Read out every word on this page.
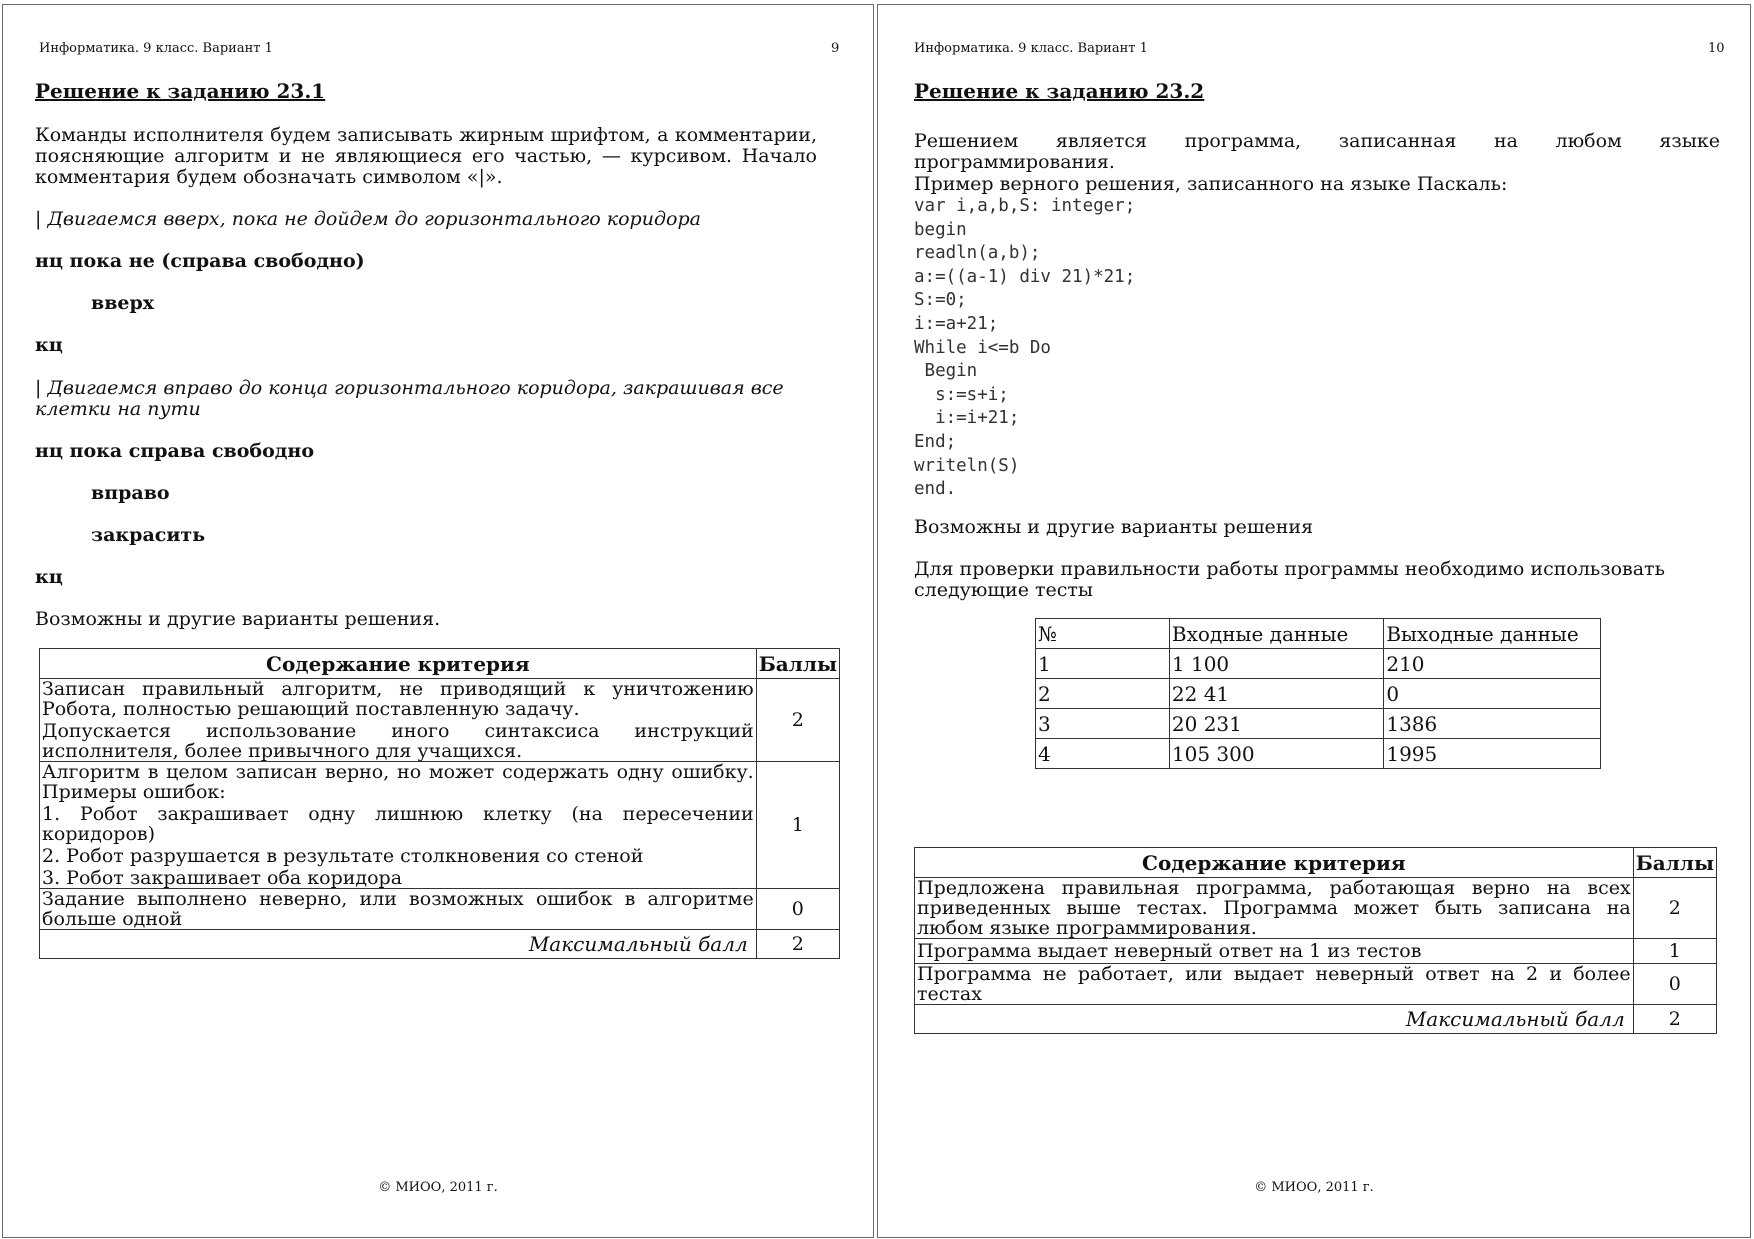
Информатика. 9 класс. Вариант 1	9
Решение к заданию 23.1
Команды исполнителя будем записывать жирным шрифтом, а комментарии, поясняющие алгоритм и не являющиеся его частью, — курсивом. Начало комментария будем обозначать символом «|».
| Двигаемся вверх, пока не дойдем до горизонтального коридора
нц пока не (справа свободно)
вверх
кц
| Двигаемся вправо до конца горизонтального коридора, закрашивая все клетки на пути
нц пока справа свободно
вправо
закрасить
кц
Возможны и другие варианты решения.
Содержание критерия	Баллы
Записан правильный алгоритм, не приводящий к уничтожению Робота, полностью решающий поставленную задачу.
Допускается использование иного синтаксиса инструкций исполнителя, более привычного для учащихся.	2
Алгоритм в целом записан верно, но может содержать одну ошибку. Примеры ошибок:
1. Робот закрашивает одну лишнюю клетку (на пересечении коридоров)
2. Робот разрушается в результате столкновения со стеной
3. Робот закрашивает оба коридора	1
Задание выполнено неверно, или возможных ошибок в алгоритме больше одной	0
Максимальный балл	2
© МИОО, 2011 г.
Информатика. 9 класс. Вариант 1	10
Решение к заданию 23.2
Решением является программа, записанная на любом языке программирования.
Пример верного решения, записанного на языке Паскаль:
var i,a,b,S: integer;
begin
readln(a,b);
a:=((a-1) div 21)*21;
S:=0;
i:=a+21;
While i<=b Do
Begin
s:=s+i;
i:=i+21;
End;
writeln(S)
end.
Возможны и другие варианты решения
Для проверки правильности работы программы необходимо использовать следующие тесты
№	Входные данные	Выходные данные
1	1 100	210
2	22 41	0
3	20 231	1386
4	105 300	1995
Содержание критерия	Баллы
Предложена правильная программа, работающая верно на всех приведенных выше тестах. Программа может быть записана на любом языке программирования.	2
Программа выдает неверный ответ на 1 из тестов	1
Программа не работает, или выдает неверный ответ на 2 и более тестах	0
Максимальный балл	2
© МИОО, 2011 г.
